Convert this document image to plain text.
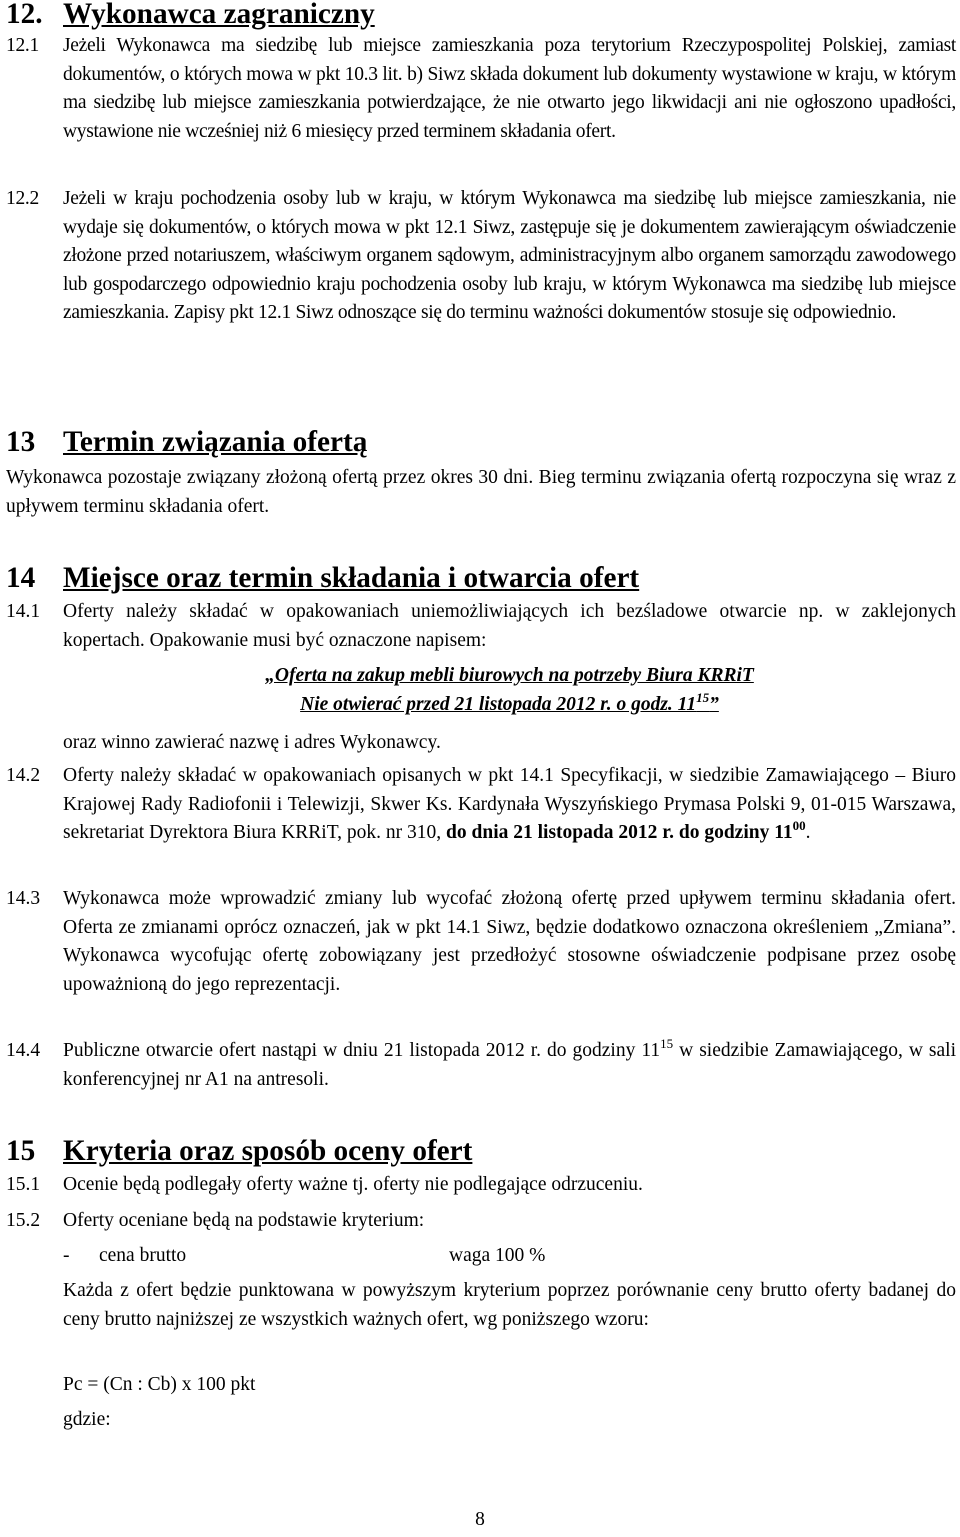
12. Wykonawca zagraniczny
12.1	Jeżeli Wykonawca ma siedzibę lub miejsce zamieszkania poza terytorium Rzeczypospolitej Polskiej, zamiast dokumentów, o których mowa w pkt 10.3 lit. b) Siwz składa dokument lub dokumenty wystawione w kraju, w którym ma siedzibę lub miejsce zamieszkania potwierdzające, że nie otwarto jego likwidacji ani nie ogłoszono upadłości, wystawione nie wcześniej niż 6 miesięcy przed terminem składania ofert.
12.2	Jeżeli w kraju pochodzenia osoby lub w kraju, w którym Wykonawca ma siedzibę lub miejsce zamieszkania, nie wydaje się dokumentów, o których mowa w pkt 12.1 Siwz, zastępuje się je dokumentem zawierającym oświadczenie złożone przed notariuszem, właściwym organem sądowym, administracyjnym albo organem samorządu zawodowego lub gospodarczego odpowiednio kraju pochodzenia osoby lub kraju, w którym Wykonawca ma siedzibę lub miejsce zamieszkania. Zapisy pkt 12.1 Siwz odnoszące się do terminu ważności dokumentów stosuje się odpowiednio.
13 Termin związania ofertą

Wykonawca pozostaje związany złożoną ofertą przez okres 30 dni. Bieg terminu związania ofertą rozpoczyna się wraz z upływem terminu składania ofert.

14 Miejsce oraz termin składania i otwarcia ofert
14.1	Oferty należy składać w opakowaniach uniemożliwiających ich bezśladowe otwarcie np. w zaklejonych kopertach. Opakowanie musi być oznaczone napisem:
„Oferta na zakup mebli biurowych na potrzeby Biura KRRiT
Nie otwierać przed 21 listopada 2012 r. o godz. $11^{15}$”
oraz winno zawierać nazwę i adres Wykonawcy.
14.2	Oferty należy składać w opakowaniach opisanych w pkt 14.1 Specyfikacji, w siedzibie Zamawiającego – Biuro Krajowej Rady Radiofonii i Telewizji, Skwer Ks. Kardynała Wyszyńskiego Prymasa Polski 9, 01-015 Warszawa, sekretariat Dyrektora Biura KRRiT, pok. nr 310, do dnia 21 listopada 2012 r. do godziny $11^{00}$.
14.3	Wykonawca może wprowadzić zmiany lub wycofać złożoną ofertę przed upływem terminu składania ofert. Oferta ze zmianami oprócz oznaczeń, jak w pkt 14.1 Siwz, będzie dodatkowo oznaczona określeniem „Zmiana”. Wykonawca wycofując ofertę zobowiązany jest przedłożyć stosowne oświadczenie podpisane przez osobę upoważnioną do jego reprezentacji.
14.4	Publiczne otwarcie ofert nastąpi w dniu 21 listopada 2012 r. do godziny $11^{15}$ w siedzibie Zamawiającego, w sali konferencyjnej nr A1 na antresoli.
15 Kryteria oraz sposób oceny ofert
15.1	Ocenie będą podlegały oferty ważne tj. oferty nie podlegające odrzuceniu.
15.2	Oferty oceniane będą na podstawie kryterium:
- cena brutto	waga 100 %

Każda z ofert będzie punktowana w powyższym kryterium poprzez porównanie ceny brutto oferty badanej do ceny brutto najniższej ze wszystkich ważnych ofert, wg poniższego wzoru:

Pc = (Cn : Cb) x 100 pkt
gdzie:
8
